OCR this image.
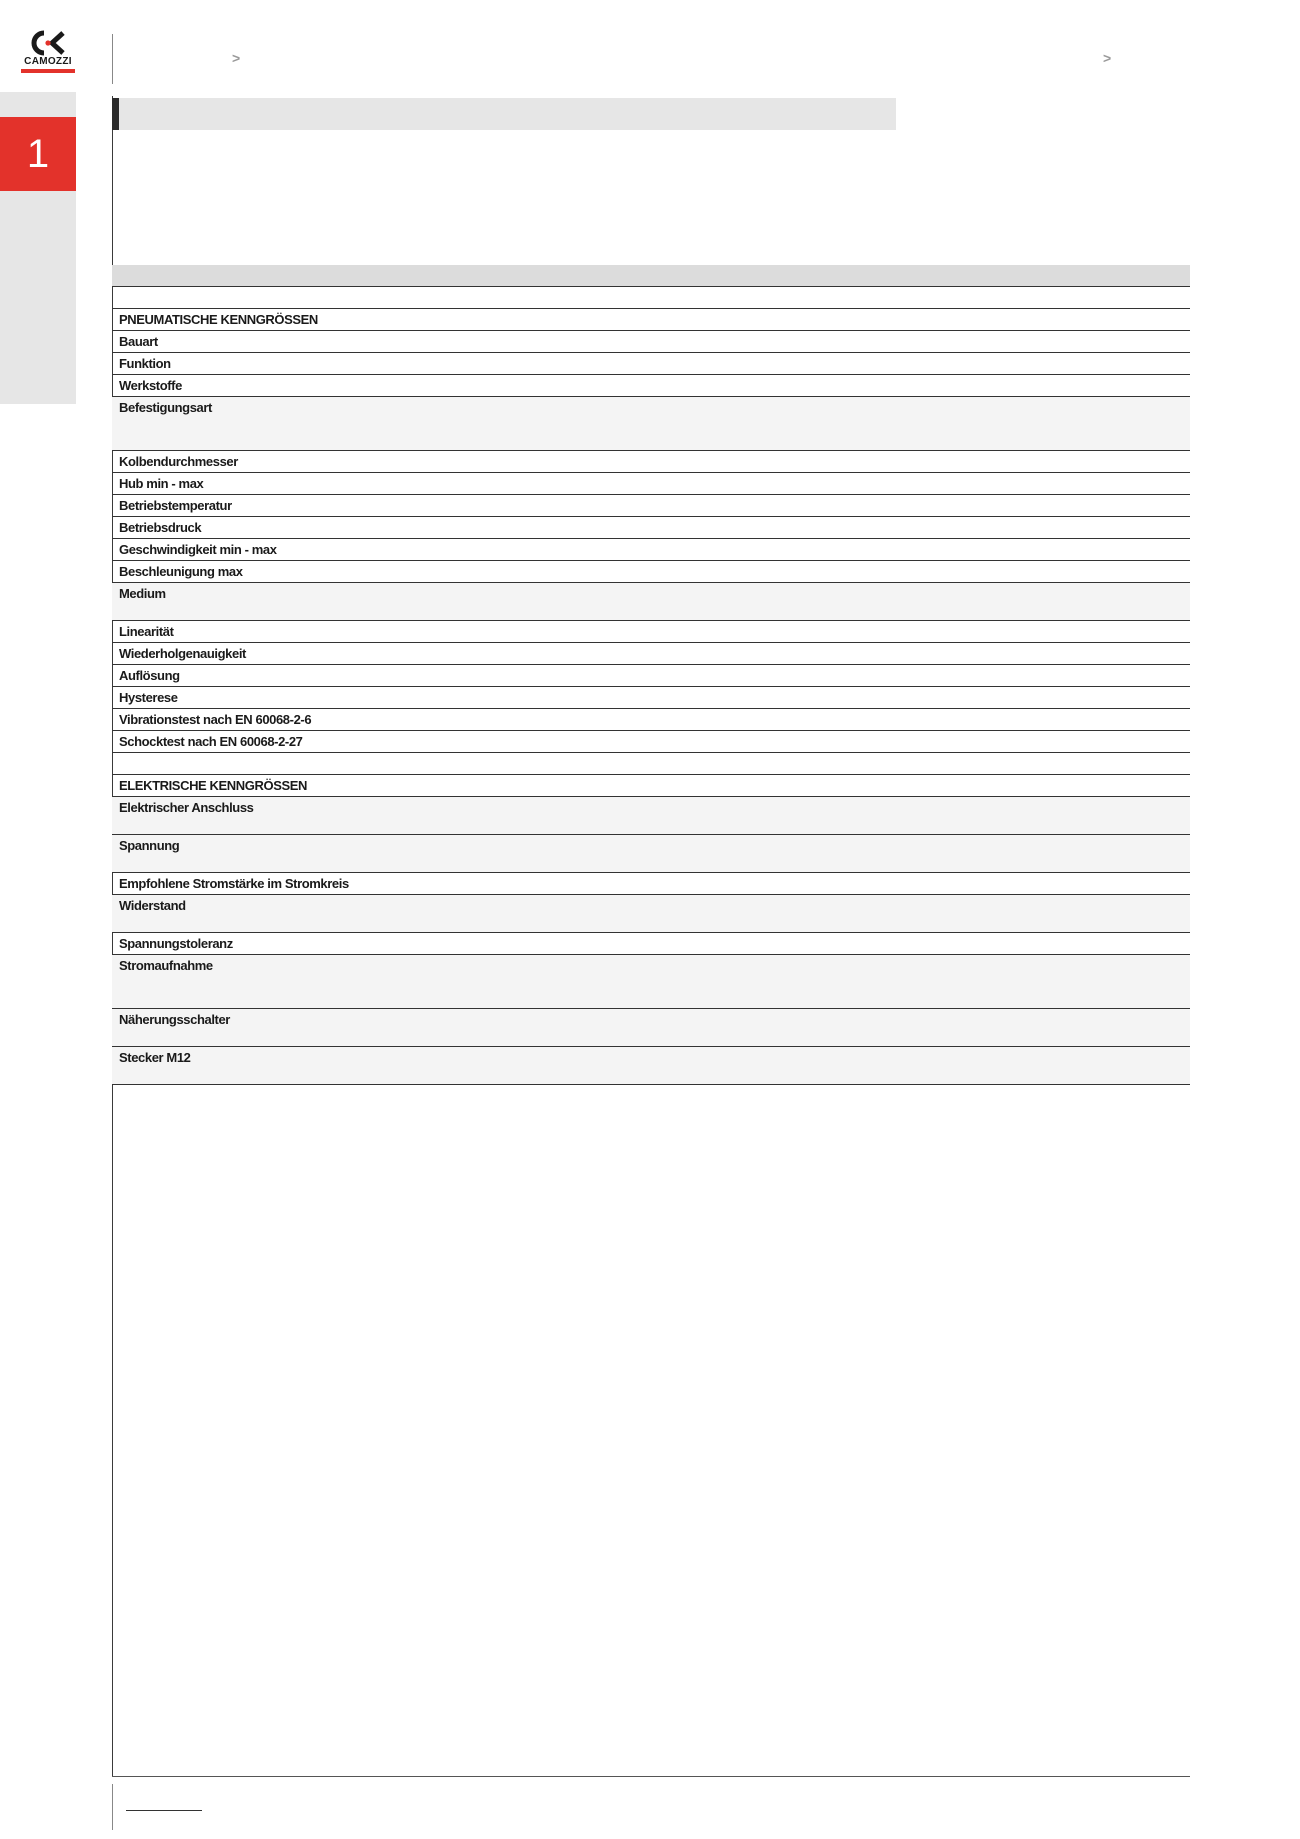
CAMOZZI
1
>	>
PNEUMATISCHE KENNGRÖSSEN
Bauart
Funktion
Werkstoffe
Befestigungsart
Kolbendurchmesser
Hub min - max
Betriebstemperatur
Betriebsdruck
Geschwindigkeit min - max
Beschleunigung max
Medium
Linearität
Wiederholgenauigkeit
Auflösung
Hysterese
Vibrationstest nach EN 60068-2-6
Schocktest nach EN 60068-2-27
ELEKTRISCHE KENNGRÖSSEN
Elektrischer Anschluss
Spannung
Empfohlene Stromstärke im Stromkreis
Widerstand
Spannungstoleranz
Stromaufnahme
Näherungsschalter
Stecker M12
